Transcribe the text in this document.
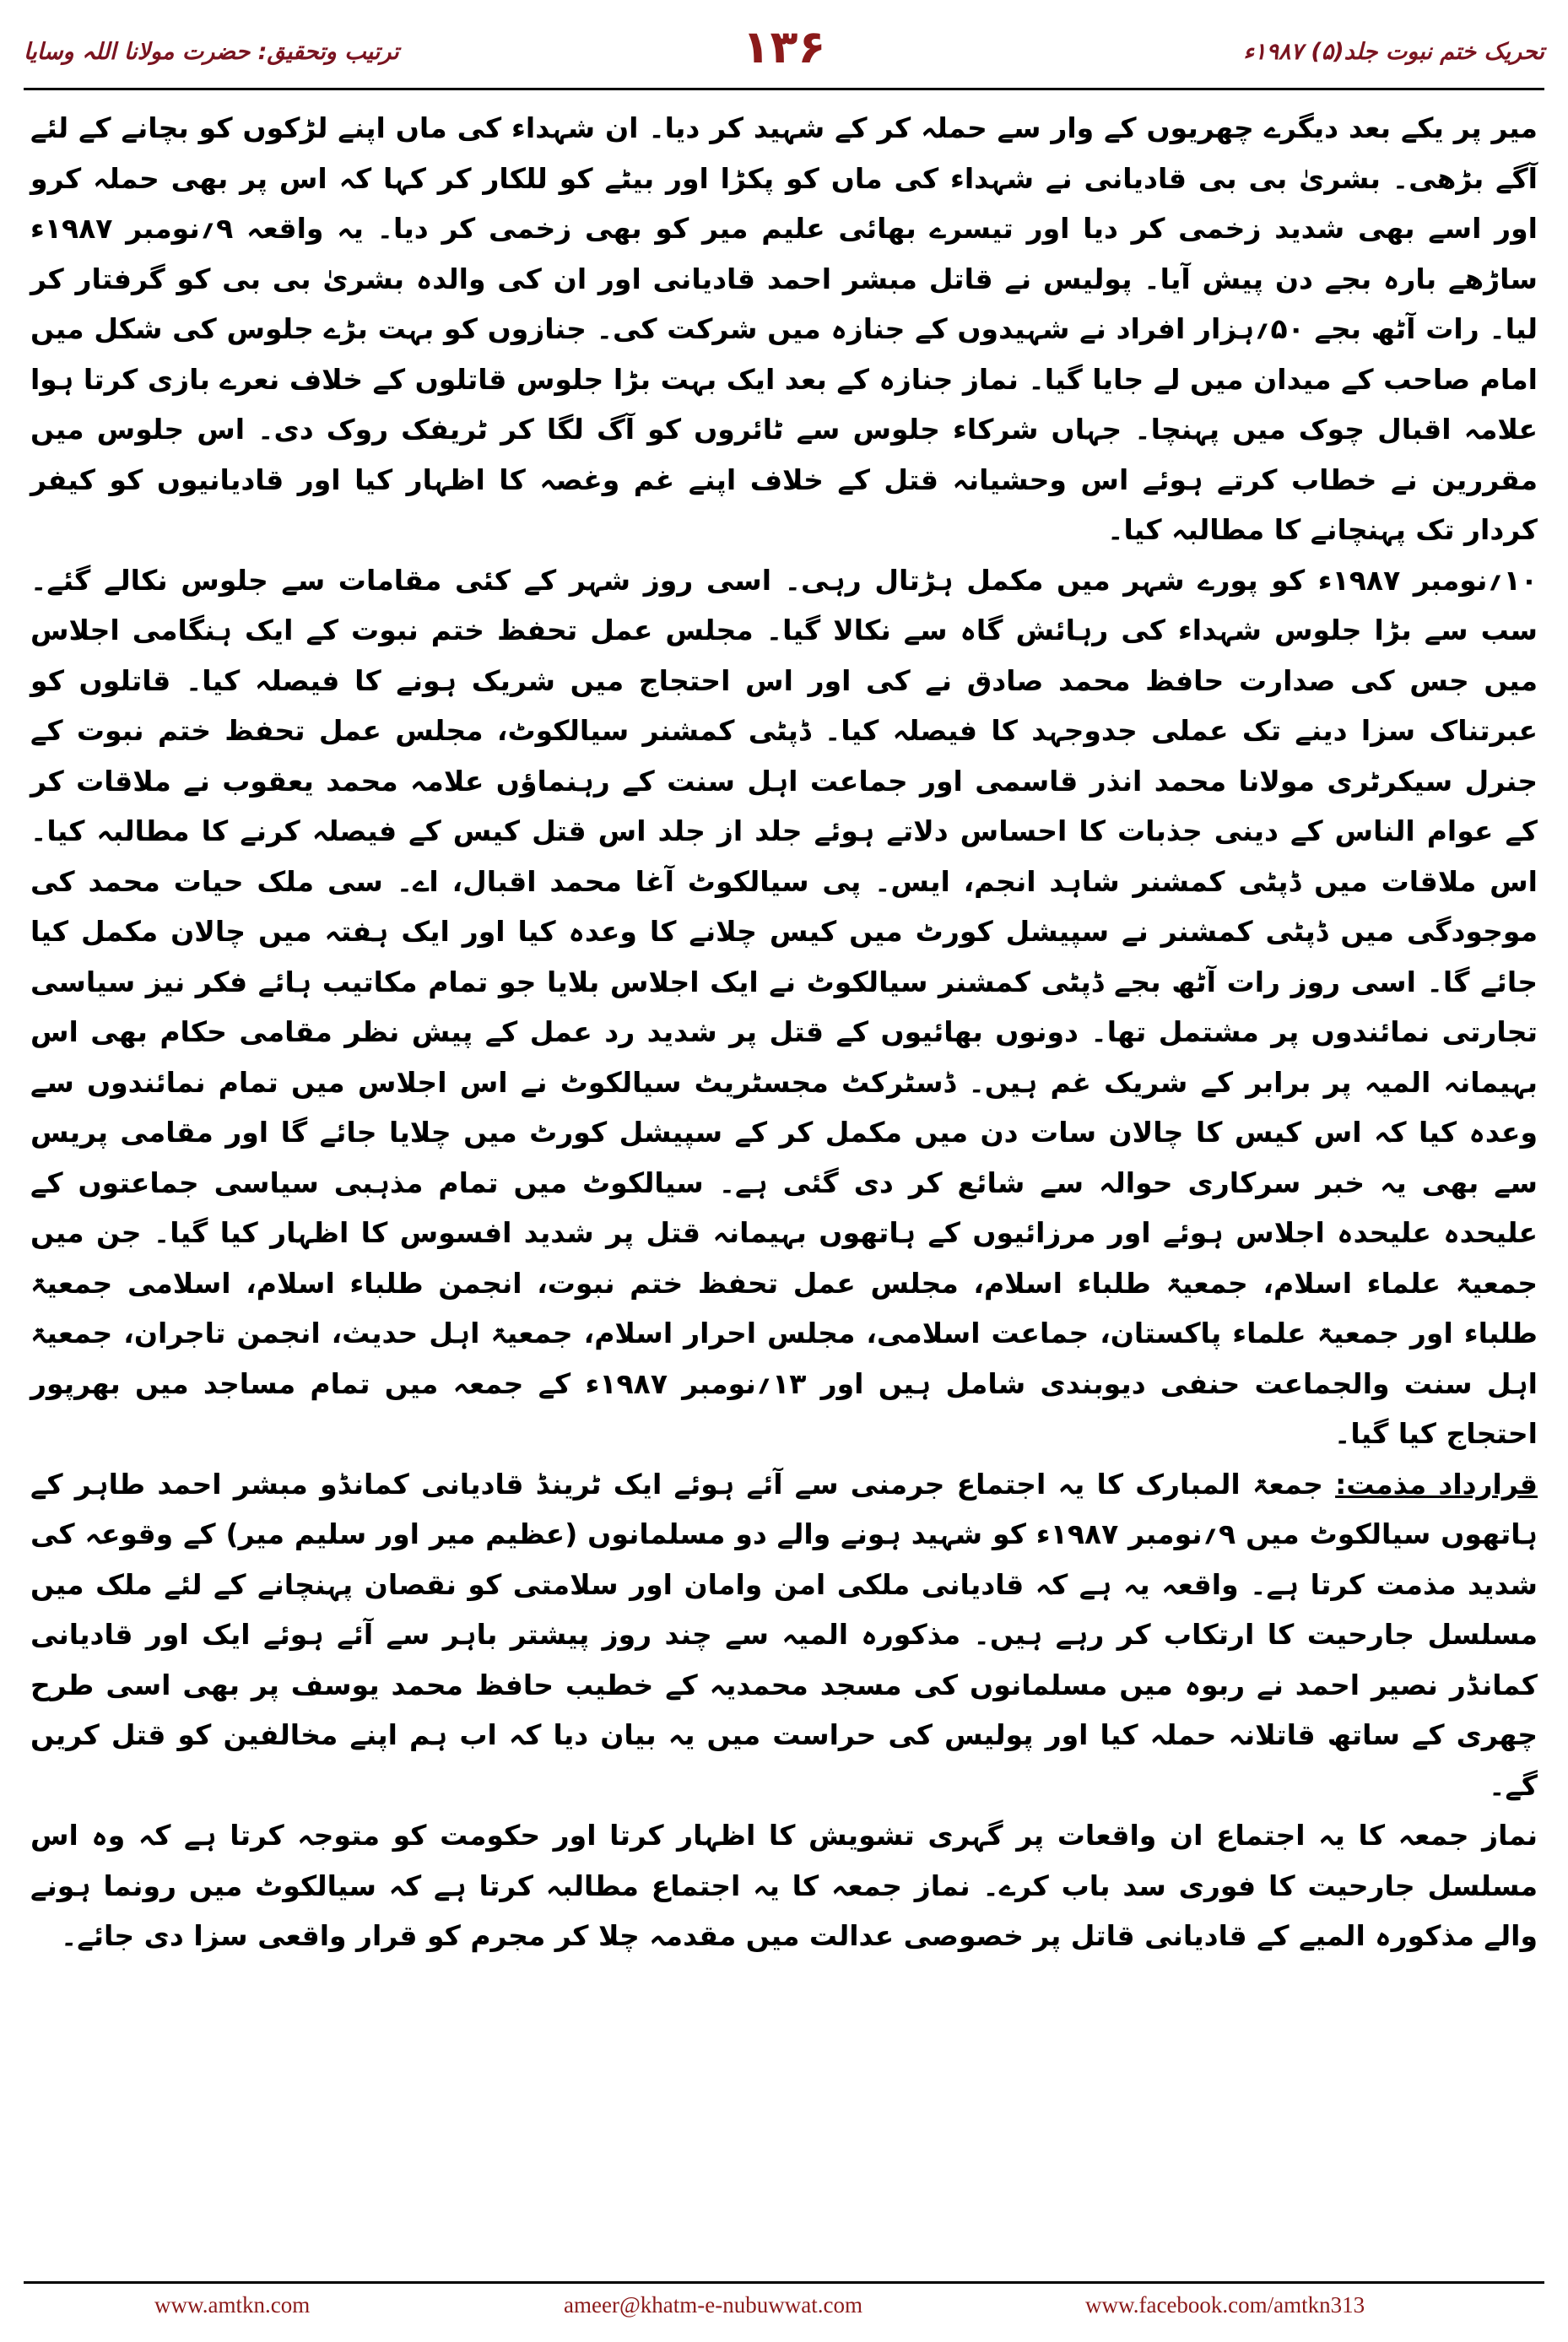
ترتیب وتحقیق: حضرت مولانا اللہ وسایا	۱۳۶	تحریک ختم نبوت جلد(۵) ۱۹۸۷ء

میر پر یکے بعد دیگرے چھریوں کے وار سے حملہ کر کے شہید کر دیا۔ ان شہداء کی ماں اپنے لڑکوں کو بچانے کے لئے آگے بڑھی۔ بشریٰ بی بی قادیانی نے شہداء کی ماں کو پکڑا اور بیٹے کو للکار کر کہا کہ اس پر بھی حملہ کرو اور اسے بھی شدید زخمی کر دیا اور تیسرے بھائی علیم میر کو بھی زخمی کر دیا۔ یہ واقعہ ۹؍نومبر ۱۹۸۷ء ساڑھے بارہ بجے دن پیش آیا۔ پولیس نے قاتل مبشر احمد قادیانی اور ان کی والدہ بشریٰ بی بی کو گرفتار کر لیا۔ رات آٹھ بجے ۵۰؍ہزار افراد نے شہیدوں کے جنازہ میں شرکت کی۔ جنازوں کو بہت بڑے جلوس کی شکل میں امام صاحب کے میدان میں لے جایا گیا۔ نماز جنازہ کے بعد ایک بہت بڑا جلوس قاتلوں کے خلاف نعرے بازی کرتا ہوا علامہ اقبال چوک میں پہنچا۔ جہاں شرکاء جلوس سے ٹائروں کو آگ لگا کر ٹریفک روک دی۔ اس جلوس میں مقررین نے خطاب کرتے ہوئے اس وحشیانہ قتل کے خلاف اپنے غم وغصہ کا اظہار کیا اور قادیانیوں کو کیفر کردار تک پہنچانے کا مطالبہ کیا۔

۱۰؍نومبر ۱۹۸۷ء کو پورے شہر میں مکمل ہڑتال رہی۔ اسی روز شہر کے کئی مقامات سے جلوس نکالے گئے۔ سب سے بڑا جلوس شہداء کی رہائش گاہ سے نکالا گیا۔ مجلس عمل تحفظ ختم نبوت کے ایک ہنگامی اجلاس میں جس کی صدارت حافظ محمد صادق نے کی اور اس احتجاج میں شریک ہونے کا فیصلہ کیا۔ قاتلوں کو عبرتناک سزا دینے تک عملی جدوجہد کا فیصلہ کیا۔ ڈپٹی کمشنر سیالکوٹ، مجلس عمل تحفظ ختم نبوت کے جنرل سیکرٹری مولانا محمد انذر قاسمی اور جماعت اہل سنت کے رہنماؤں علامہ محمد یعقوب نے ملاقات کر کے عوام الناس کے دینی جذبات کا احساس دلاتے ہوئے جلد از جلد اس قتل کیس کے فیصلہ کرنے کا مطالبہ کیا۔ اس ملاقات میں ڈپٹی کمشنر شاہد انجم، ایس۔ پی سیالکوٹ آغا محمد اقبال، اے۔ سی ملک حیات محمد کی موجودگی میں ڈپٹی کمشنر نے سپیشل کورٹ میں کیس چلانے کا وعدہ کیا اور ایک ہفتہ میں چالان مکمل کیا جائے گا۔ اسی روز رات آٹھ بجے ڈپٹی کمشنر سیالکوٹ نے ایک اجلاس بلایا جو تمام مکاتیب ہائے فکر نیز سیاسی تجارتی نمائندوں پر مشتمل تھا۔ دونوں بھائیوں کے قتل پر شدید رد عمل کے پیش نظر مقامی حکام بھی اس بہیمانہ المیہ پر برابر کے شریک غم ہیں۔ ڈسٹرکٹ مجسٹریٹ سیالکوٹ نے اس اجلاس میں تمام نمائندوں سے وعدہ کیا کہ اس کیس کا چالان سات دن میں مکمل کر کے سپیشل کورٹ میں چلایا جائے گا اور مقامی پریس سے بھی یہ خبر سرکاری حوالہ سے شائع کر دی گئی ہے۔ سیالکوٹ میں تمام مذہبی سیاسی جماعتوں کے علیحدہ علیحدہ اجلاس ہوئے اور مرزائیوں کے ہاتھوں بہیمانہ قتل پر شدید افسوس کا اظہار کیا گیا۔ جن میں جمعیۃ علماء اسلام، جمعیۃ طلباء اسلام، مجلس عمل تحفظ ختم نبوت، انجمن طلباء اسلام، اسلامی جمعیۃ طلباء اور جمعیۃ علماء پاکستان، جماعت اسلامی، مجلس احرار اسلام، جمعیۃ اہل حدیث، انجمن تاجران، جمعیۃ اہل سنت والجماعت حنفی دیوبندی شامل ہیں اور ۱۳؍نومبر ۱۹۸۷ء کے جمعہ میں تمام مساجد میں بھرپور احتجاج کیا گیا۔

قرارداد مذمت: جمعۃ المبارک کا یہ اجتماع جرمنی سے آئے ہوئے ایک ٹرینڈ قادیانی کمانڈو مبشر احمد طاہر کے ہاتھوں سیالکوٹ میں ۹؍نومبر ۱۹۸۷ء کو شہید ہونے والے دو مسلمانوں (عظیم میر اور سلیم میر) کے وقوعہ کی شدید مذمت کرتا ہے۔ واقعہ یہ ہے کہ قادیانی ملکی امن وامان اور سلامتی کو نقصان پہنچانے کے لئے ملک میں مسلسل جارحیت کا ارتکاب کر رہے ہیں۔ مذکورہ المیہ سے چند روز پیشتر باہر سے آئے ہوئے ایک اور قادیانی کمانڈر نصیر احمد نے ربوہ میں مسلمانوں کی مسجد محمدیہ کے خطیب حافظ محمد یوسف پر بھی اسی طرح چھری کے ساتھ قاتلانہ حملہ کیا اور پولیس کی حراست میں یہ بیان دیا کہ اب ہم اپنے مخالفین کو قتل کریں گے۔

نماز جمعہ کا یہ اجتماع ان واقعات پر گہری تشویش کا اظہار کرتا اور حکومت کو متوجہ کرتا ہے کہ وہ اس مسلسل جارحیت کا فوری سد باب کرے۔ نماز جمعہ کا یہ اجتماع مطالبہ کرتا ہے کہ سیالکوٹ میں رونما ہونے والے مذکورہ المیے کے قادیانی قاتل پر خصوصی عدالت میں مقدمہ چلا کر مجرم کو قرار واقعی سزا دی جائے۔

www.amtkn.com	ameer@khatm-e-nubuwwat.com	www.facebook.com/amtkn313
